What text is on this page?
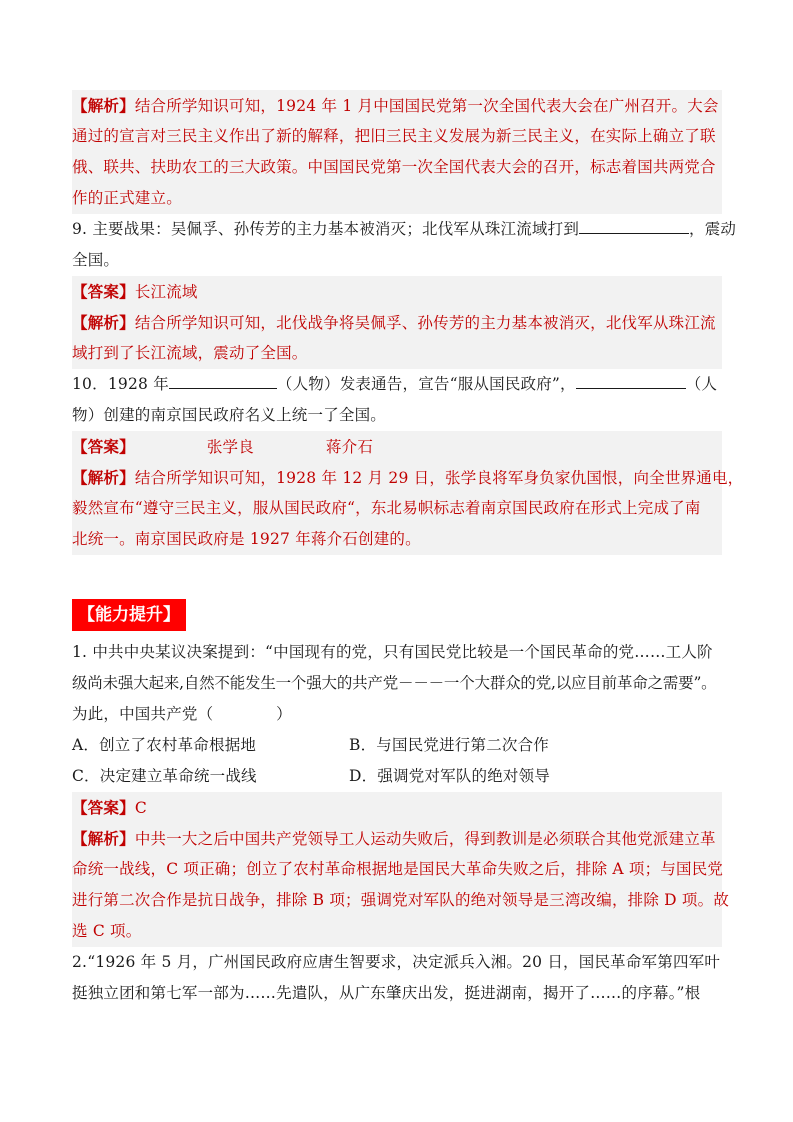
【解析】结合所学知识可知，1924 年 1 月中国国民党第一次全国代表大会在广州召开。大会
通过的宣言对三民主义作出了新的解释，把旧三民主义发展为新三民主义，在实际上确立了联
俄、联共、扶助农工的三大政策。中国国民党第一次全国代表大会的召开，标志着国共两党合
作的正式建立。
9. 主要战果：吴佩孚、孙传芳的主力基本被消灭；北伐军从珠江流域打到	，震动
全国。
【答案】长江流域
【解析】结合所学知识可知，北伐战争将吴佩孚、孙传芳的主力基本被消灭，北伐军从珠江流
域打到了长江流域，震动了全国。
10．1928 年	（人物）发表通告，宣告“服从国民政府”，	（人
物）创建的南京国民政府名义上统一了全国。
【答案】	张学良	蒋介石
【解析】结合所学知识可知，1928 年 12 月 29 日，张学良将军身负家仇国恨，向全世界通电，
毅然宣布“遵守三民主义，服从国民政府“，东北易帜标志着南京国民政府在形式上完成了南
北统一。南京国民政府是 1927 年蒋介石创建的。
【能力提升】
1. 中共中央某议决案提到：“中国现有的党，只有国民党比较是一个国民革命的党……工人阶
级尚未强大起来,自然不能发生一个强大的共产党－－－一个大群众的党,以应目前革命之需要”。
为此，中国共产党（　　　　）
A．创立了农村革命根据地	B．与国民党进行第二次合作
C．决定建立革命统一战线	D．强调党对军队的绝对领导
【答案】C
【解析】中共一大之后中国共产党领导工人运动失败后，得到教训是必须联合其他党派建立革
命统一战线，C 项正确；创立了农村革命根据地是国民大革命失败之后，排除 A 项；与国民党
进行第二次合作是抗日战争，排除 B 项；强调党对军队的绝对领导是三湾改编，排除 D 项。故
选 C 项。
2.“1926 年 5 月，广州国民政府应唐生智要求，决定派兵入湘。20 日，国民革命军第四军叶
挺独立团和第七军一部为……先遣队，从广东肇庆出发，挺进湖南，揭开了……的序幕。”根
